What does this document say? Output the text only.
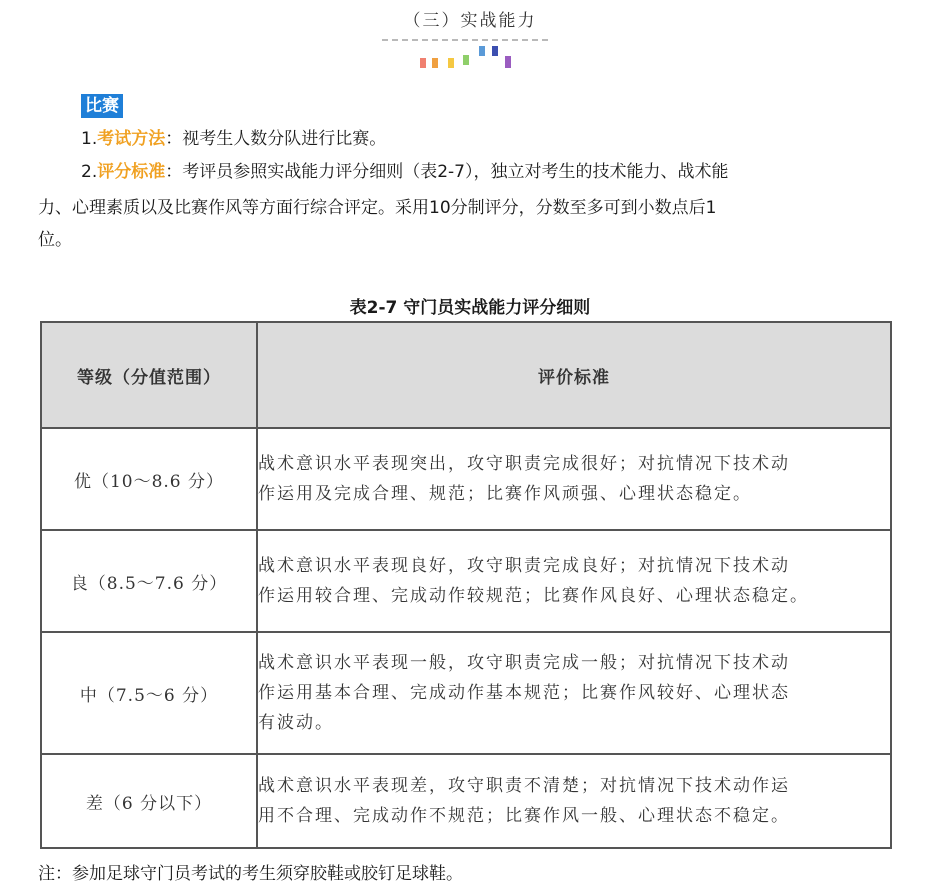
（三）实战能力
比赛
1.考试方法：视考生人数分队进行比赛。
2.评分标准：考评员参照实战能力评分细则（表2-7），独立对考生的技术能力、战术能
力、心理素质以及比赛作风等方面行综合评定。采用10分制评分，分数至多可到小数点后1
位。
表2-7 守门员实战能力评分细则
等级（分值范围）	评价标准
优（10〜8.6 分）	战术意识水平表现突出，攻守职责完成很好；对抗情况下技术动
作运用及完成合理、规范；比赛作风顽强、心理状态稳定。

良（8.5〜7.6 分）	战术意识水平表现良好，攻守职责完成良好；对抗情况下技术动
作运用较合理、完成动作较规范；比赛作风良好、心理状态稳定。

中（7.5〜6 分）	战术意识水平表现一般，攻守职责完成一般；对抗情况下技术动
作运用基本合理、完成动作基本规范；比赛作风较好、心理状态
有波动。

差（6 分以下）	战术意识水平表现差，攻守职责不清楚；对抗情况下技术动作运
用不合理、完成动作不规范；比赛作风一般、心理状态不稳定。
注：参加足球守门员考试的考生须穿胶鞋或胶钉足球鞋。
